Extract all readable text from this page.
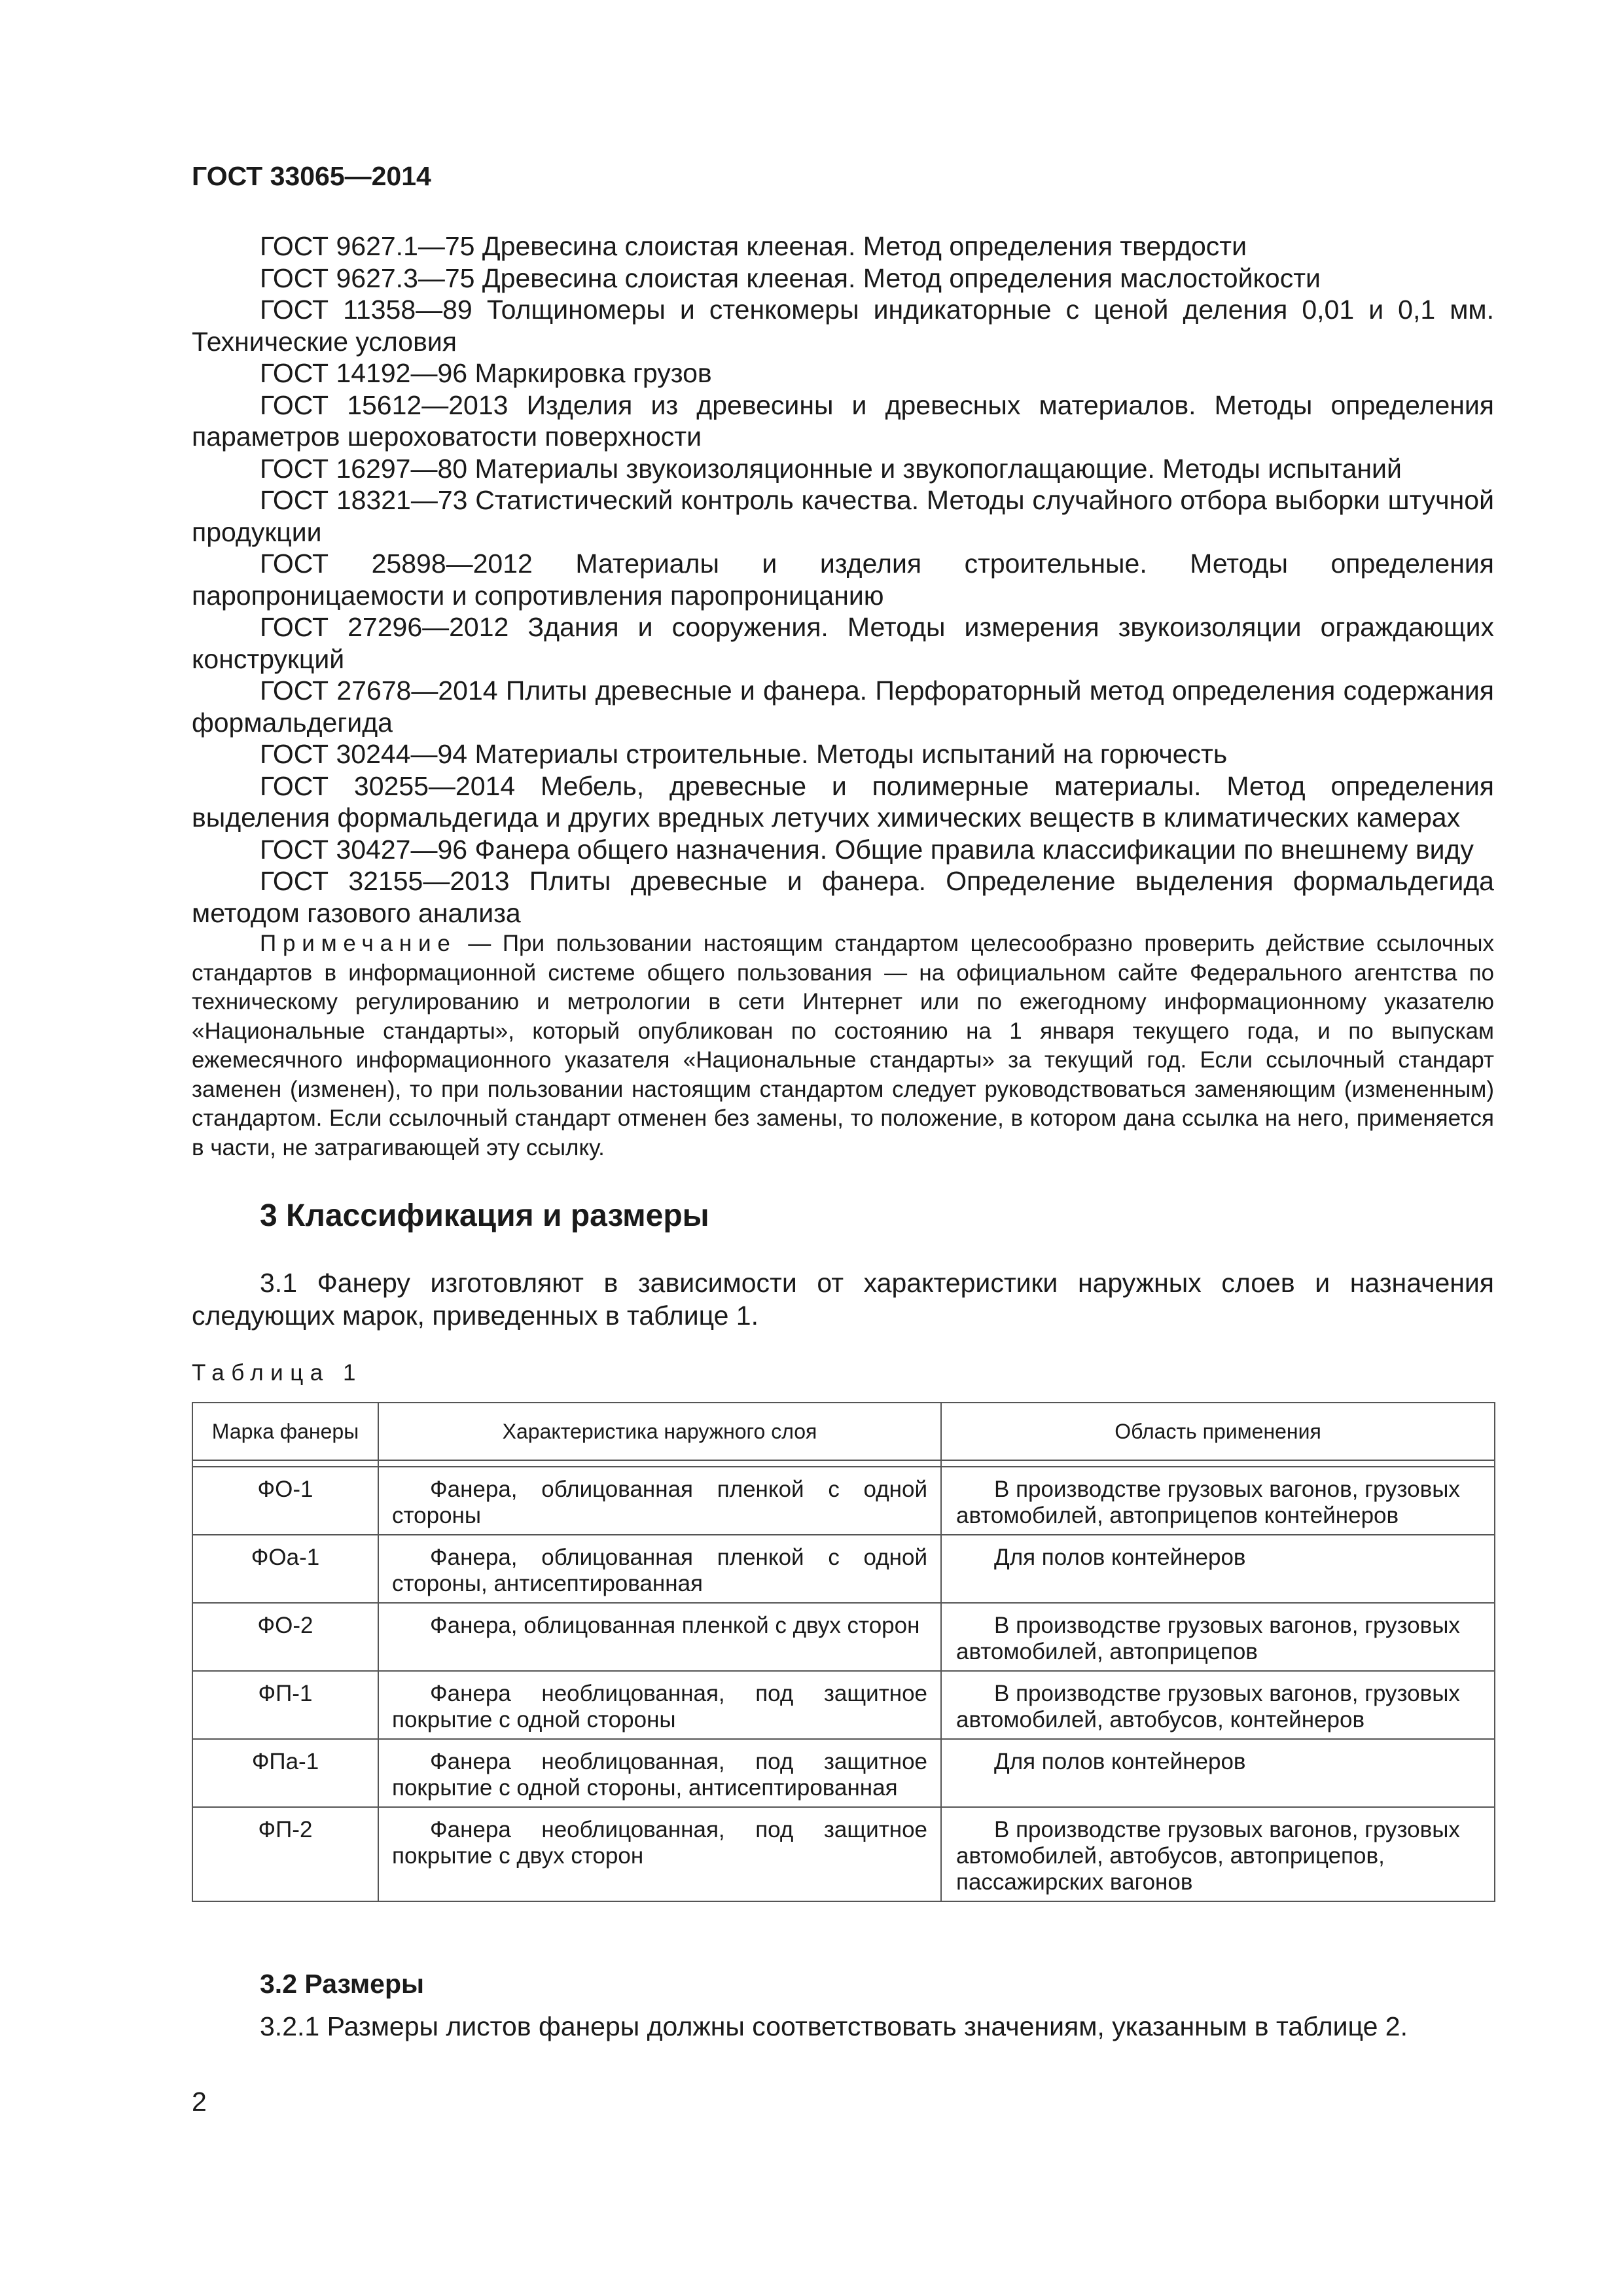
ГОСТ 33065—2014

ГОСТ 9627.1—75 Древесина слоистая клееная. Метод определения твердости

ГОСТ 9627.3—75 Древесина слоистая клееная. Метод определения маслостойкости

ГОСТ 11358—89 Толщиномеры и стенкомеры индикаторные с ценой деления 0,01 и 0,1 мм. Технические условия

ГОСТ 14192—96 Маркировка грузов

ГОСТ 15612—2013 Изделия из древесины и древесных материалов. Методы определения параметров шероховатости поверхности

ГОСТ 16297—80 Материалы звукоизоляционные и звукопоглащающие. Методы испытаний

ГОСТ 18321—73 Статистический контроль качества. Методы случайного отбора выборки штучной продукции

ГОСТ 25898—2012 Материалы и изделия строительные. Методы определения паропроницаемости и сопротивления паропроницанию

ГОСТ 27296—2012 Здания и сооружения. Методы измерения звукоизоляции ограждающих конструкций

ГОСТ 27678—2014 Плиты древесные и фанера. Перфораторный метод определения содержания формальдегида

ГОСТ 30244—94 Материалы строительные. Методы испытаний на горючесть

ГОСТ 30255—2014 Мебель, древесные и полимерные материалы. Метод определения выделения формальдегида и других вредных летучих химических веществ в климатических камерах

ГОСТ 30427—96 Фанера общего назначения. Общие правила классификации по внешнему виду

ГОСТ 32155—2013 Плиты древесные и фанера. Определение выделения формальдегида методом газового анализа

Примечание — При пользовании настоящим стандартом целесообразно проверить действие ссылочных стандартов в информационной системе общего пользования — на официальном сайте Федерального агентства по техническому регулированию и метрологии в сети Интернет или по ежегодному информационному указателю «Национальные стандарты», который опубликован по состоянию на 1 января текущего года, и по выпускам ежемесячного информационного указателя «Национальные стандарты» за текущий год. Если ссылочный стандарт заменен (изменен), то при пользовании настоящим стандартом следует руководствоваться заменяющим (измененным) стандартом. Если ссылочный стандарт отменен без замены, то положение, в котором дана ссылка на него, применяется в части, не затрагивающей эту ссылку.

3 Классификация и размеры

3.1 Фанеру изготовляют в зависимости от характеристики наружных слоев и назначения следующих марок, приведенных в таблице 1.

Таблица 1
Марка фанеры	Характеристика наружного слоя	Область применения

ФО-1	Фанера, облицованная пленкой с одной стороны	В производстве грузовых вагонов, грузовых автомобилей, автоприцепов контейнеров

ФОа-1	Фанера, облицованная пленкой с одной стороны, антисептированная	Для полов контейнеров

ФО-2	Фанера, облицованная пленкой с двух сторон	В производстве грузовых вагонов, грузовых автомобилей, автоприцепов

ФП-1	Фанера необлицованная, под защитное покрытие с одной стороны	В производстве грузовых вагонов, грузовых автомобилей, автобусов, контейнеров

ФПа-1	Фанера необлицованная, под защитное покрытие с одной стороны, антисептированная	Для полов контейнеров

ФП-2	Фанера необлицованная, под защитное покрытие с двух сторон	В производстве грузовых вагонов, грузовых автомобилей, автобусов, автоприцепов, пассажирских вагонов
3.2 Размеры
3.2.1 Размеры листов фанеры должны соответствовать значениям, указанным в таблице 2.
2
